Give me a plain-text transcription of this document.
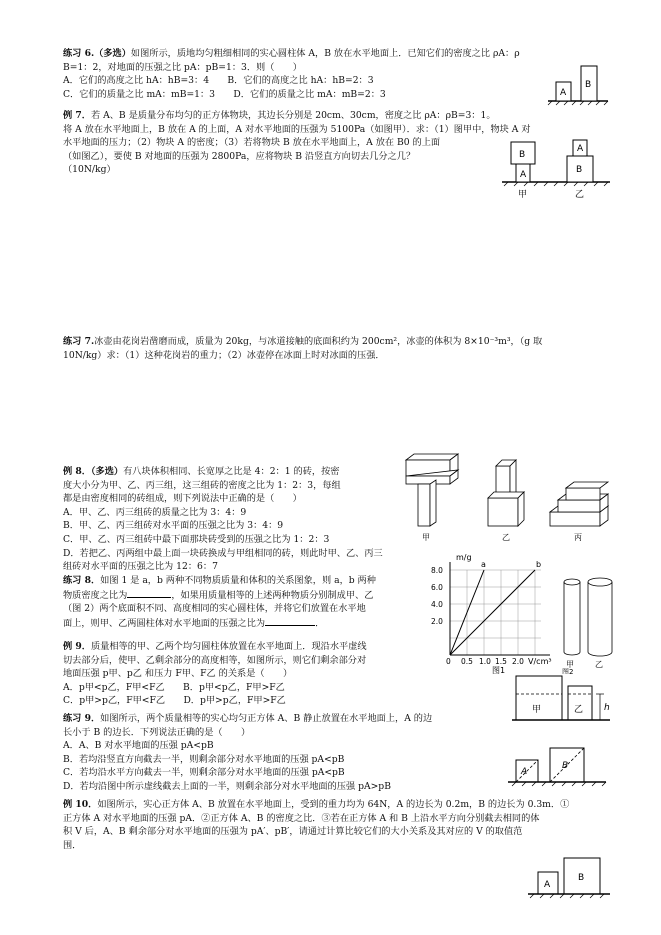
练习 6.（多选）如图所示，质地均匀粗细相同的实心圆柱体 A，B 放在水平地面上．已知它们的密度之比 ρA：ρ
B=1：2，对地面的压强之比 pA：pB=1：3．则（　　）
A．它们的高度之比 hA：hB=3：4　　B．它们的高度之比 hA：hB=2：3
C．它们的质量之比 mA：mB=1：3　　D．它们的质量之比 mA：mB=2：3	A
B
例 7．若 A、B 是质量分布均匀的正方体物块，其边长分别是 20cm、30cm，密度之比 ρA：ρB=3：1。
将 A 放在水平地面上，B 放在 A 的上面，A 对水平地面的压强为 5100Pa（如图甲）．求：（1）图甲中，物块 A 对
水平地面的压力；（2）物块 A 的密度；（3）若将物块 B 放在水平地面上，A 放在 B0 的上面
（如图乙），要使 B 对地面的压强为 2800Pa，应将物块 B 沿竖直方向切去几分之几？
（10N/kg）
B
A
A
B
甲	乙
练习 7.冰壶由花岗岩凿磨而成，质量为 20kg，与冰道接触的底面积约为 200cm²，冰壶的体积为 8×10⁻³m³，（g 取
10N/kg）求：（1）这种花岗岩的重力；（2）冰壶停在冰面上时对冰面的压强．
例 8．（多选）有八块体积相同、长宽厚之比是 4：2：1 的砖，按密
度大小分为甲、乙、丙三组，这三组砖的密度之比为 1：2：3，每组
都是由密度相同的砖组成，则下列说法中正确的是（　　）
A．甲、乙、丙三组砖的质量之比为 3：4：9
B．甲、乙、丙三组砖对水平面的压强之比为 3：4：9
C．甲、乙、丙三组砖中最下面那块砖受到的压强之比为 1：2：3
D．若把乙、丙两组中最上面一块砖换成与甲组相同的砖，则此时甲、乙、丙三
组砖对水平面的压强之比为 12：6：7
甲	乙	丙
练习 8．如图 1 是 a，b 两种不同物质质量和体积的关系图象，则 a，b 两种
物质密度之比为	，如果用质量相等的上述两种物质分别制成甲、乙
（图 2）两个底面积不同、高度相同的实心圆柱体，并将它们放置在水平地
面上，则甲、乙两圆柱体对水平地面的压强之比为	．
m/g
a	b
8.0
6.0
4.0
2.0
0 0.5 1.0 1.5 2.0 V/cm³
图1
甲	乙
图2
例 9．质量相等的甲、乙两个均匀圆柱体放置在水平地面上．现沿水平虚线
切去部分后，使甲、乙剩余部分的高度相等，如图所示，则它们剩余部分对
地面压强 p甲、p乙 和压力 F甲、F乙 的关系是（　　）
A．p甲<p乙，F甲<F乙　　B．p甲<p乙，F甲>F乙
C．p甲>p乙，F甲<F乙　　D．p甲>p乙，F甲>F乙
甲	乙 h
练习 9．如图所示，两个质量相等的实心均匀正方体 A、B 静止放置在水平地面上，A 的边
长小于 B 的边长．下列说法正确的是（　　）
A．A、B 对水平地面的压强 pA<pB
B．若均沿竖直方向截去一半，则剩余部分对水平地面的压强 pA<pB
C．若均沿水平方向截去一半，则剩余部分对水平地面的压强 pA<pB
D．若均沿图中所示虚线截去上面的一半，则剩余部分对水平地面的压强 pA>pB
A
B
例 10．如图所示，实心正方体 A、B 放置在水平地面上，受到的重力均为 64N，A 的边长为 0.2m，B 的边长为 0.3m．①
正方体 A 对水平地面的压强 pA．②正方体 A、B 的密度之比．③若在正方体 A 和 B 上沿水平方向分别截去相同的体
积 V 后，A、B 剩余部分对水平地面的压强为 pA′、pB′，请通过计算比较它们的大小关系及其对应的 V 的取值范
围．
A
B
